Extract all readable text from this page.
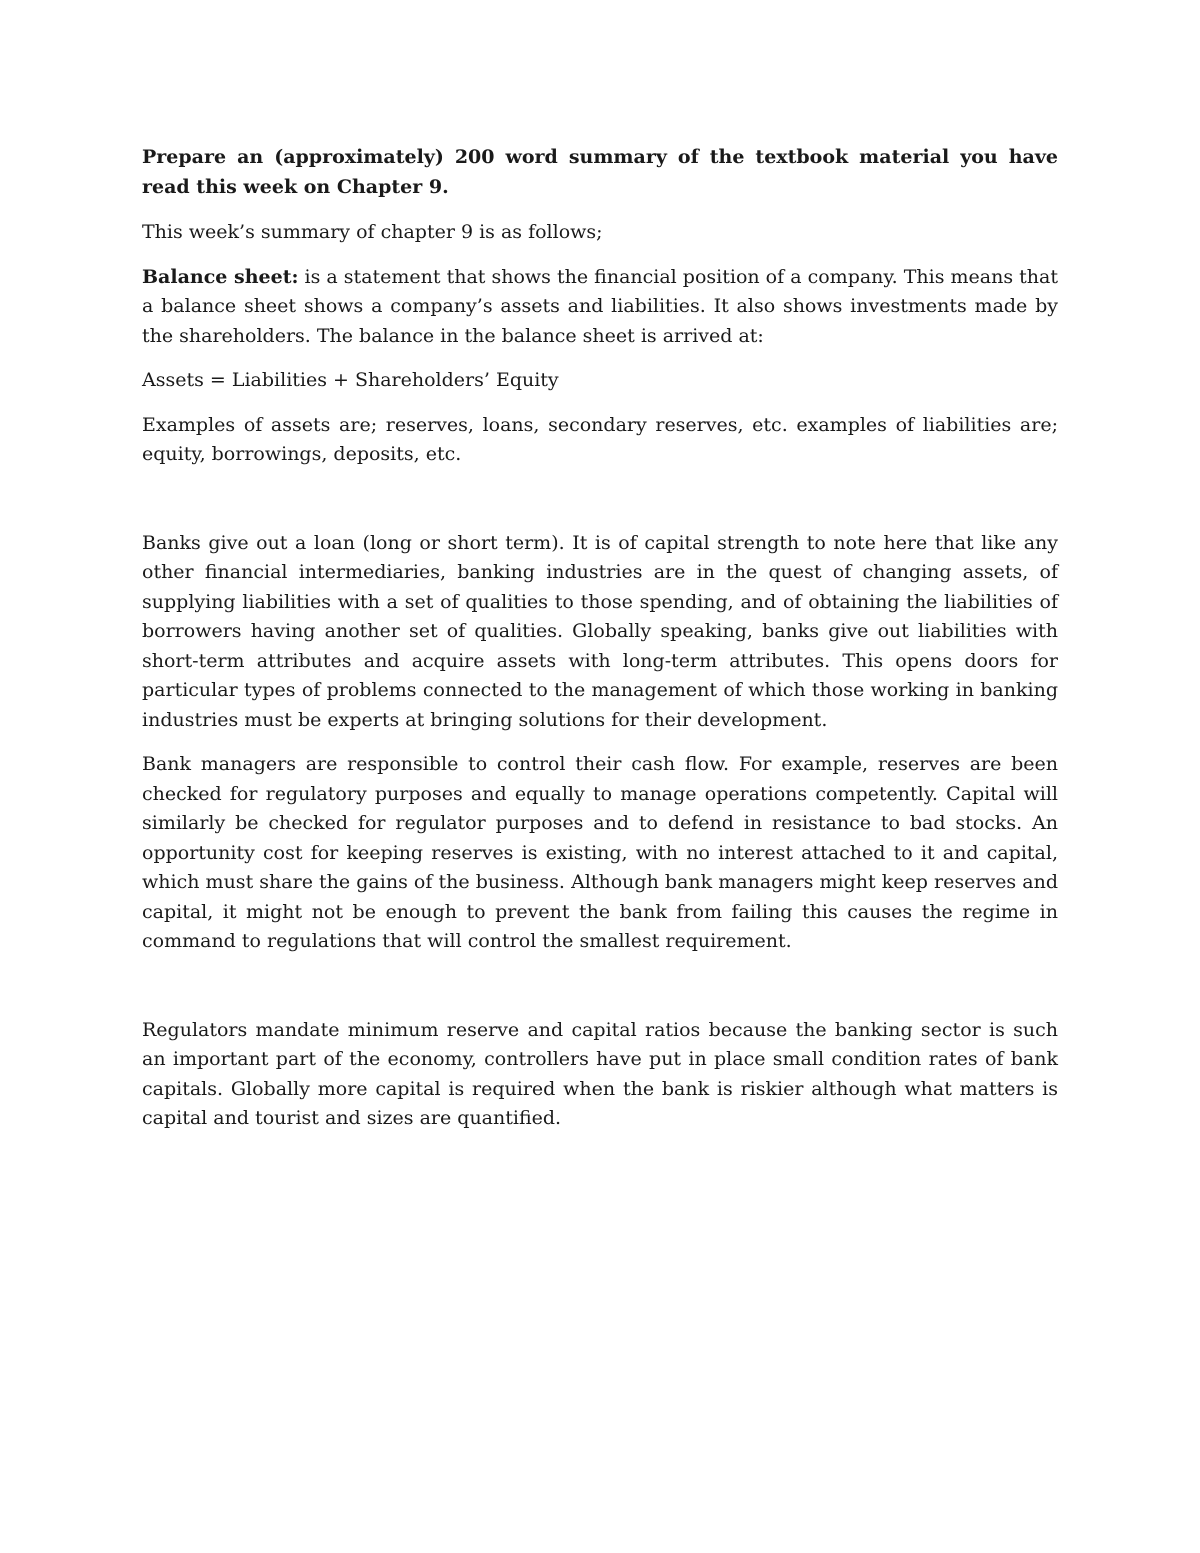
Prepare an (approximately) 200 word summary of the textbook material you have read this week on Chapter 9.

This week’s summary of chapter 9 is as follows;

Balance sheet: is a statement that shows the financial position of a company. This means that a balance sheet shows a company’s assets and liabilities. It also shows investments made by the shareholders. The balance in the balance sheet is arrived at:

Assets = Liabilities + Shareholders’ Equity

Examples of assets are; reserves, loans, secondary reserves, etc. examples of liabilities are; equity, borrowings, deposits, etc.

Banks give out a loan (long or short term). It is of capital strength to note here that like any other financial intermediaries, banking industries are in the quest of changing assets, of supplying liabilities with a set of qualities to those spending, and of obtaining the liabilities of borrowers having another set of qualities. Globally speaking, banks give out liabilities with short-term attributes and acquire assets with long-term attributes. This opens doors for particular types of problems connected to the management of which those working in banking industries must be experts at bringing solutions for their development.

Bank managers are responsible to control their cash flow. For example, reserves are been checked for regulatory purposes and equally to manage operations competently. Capital will similarly be checked for regulator purposes and to defend in resistance to bad stocks. An opportunity cost for keeping reserves is existing, with no interest attached to it and capital, which must share the gains of the business. Although bank managers might keep reserves and capital, it might not be enough to prevent the bank from failing this causes the regime in command to regulations that will control the smallest requirement.

Regulators mandate minimum reserve and capital ratios because the banking sector is such an important part of the economy, controllers have put in place small condition rates of bank capitals. Globally more capital is required when the bank is riskier although what matters is capital and tourist and sizes are quantified.
